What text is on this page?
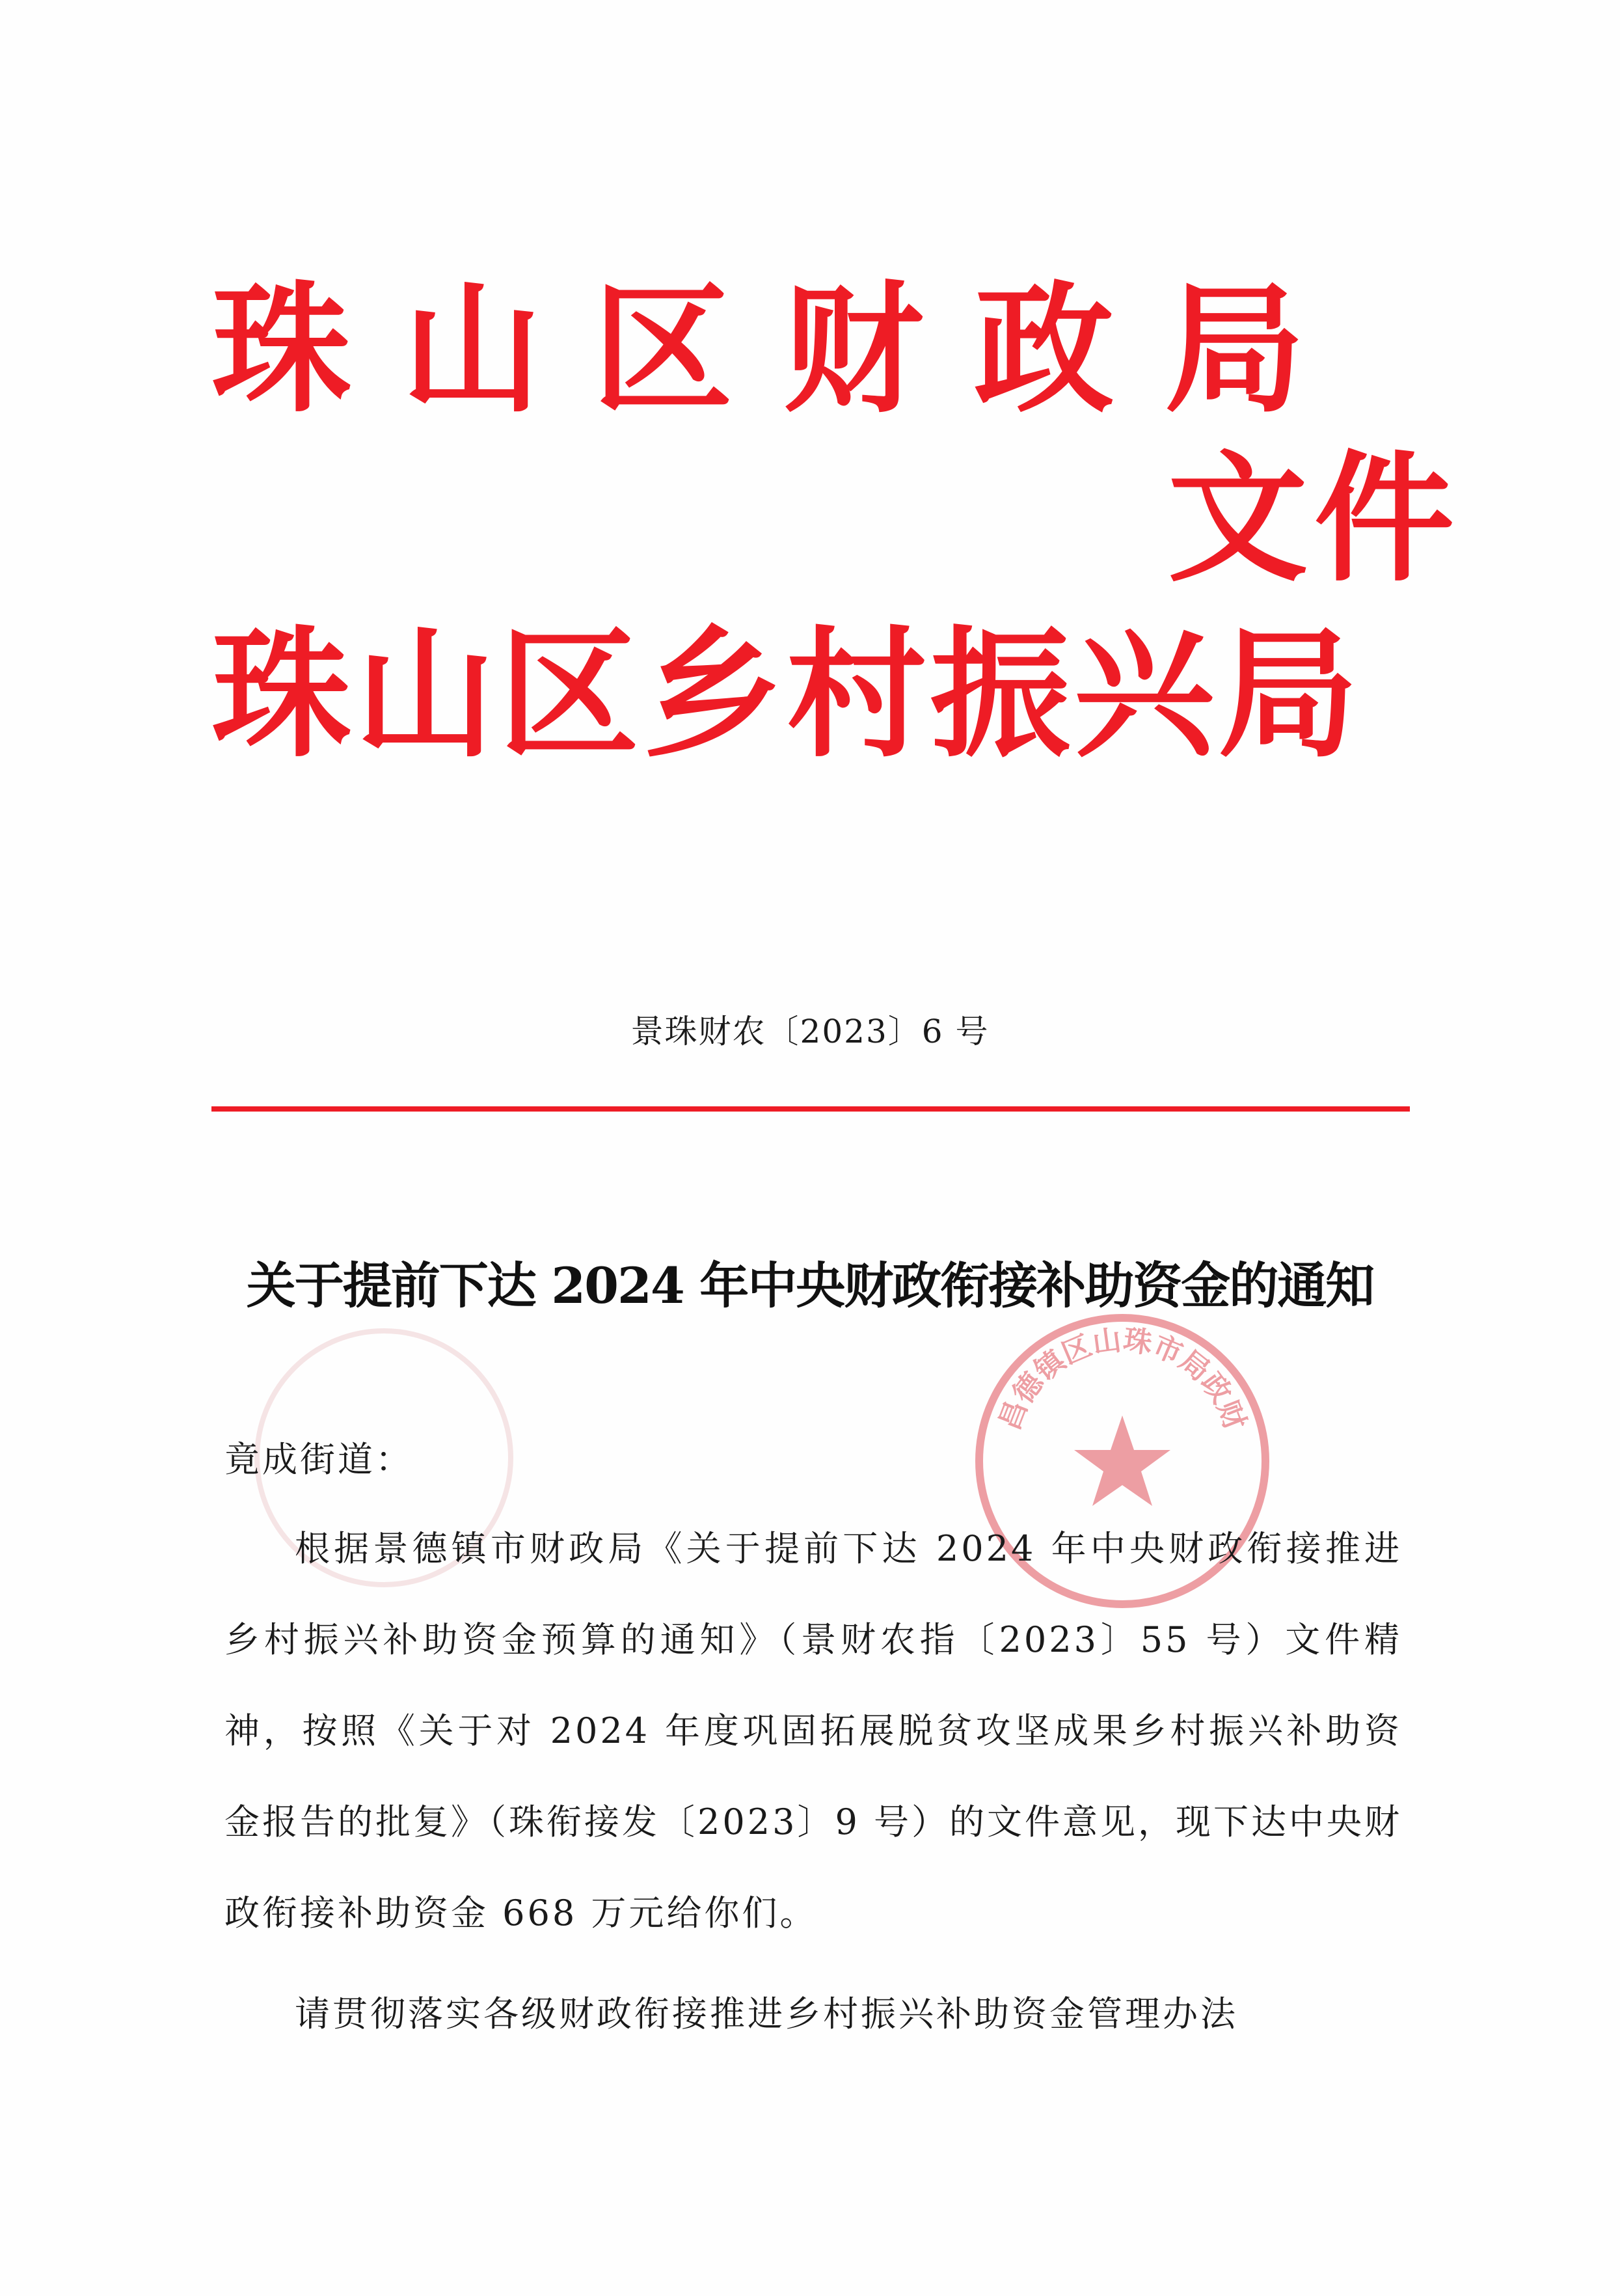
珠山区财政局
珠山区乡村振兴局
文件
景珠财农〔2023〕6 号
昌德镇区山珠市局政财
关于提前下达 2024 年中央财政衔接补助资金的通知
竟成街道：
根据景德镇市财政局《关于提前下达 2024 年中央财政衔接推进乡村振兴补助资金预算的通知》（景财农指〔2023〕55 号）文件精神，按照《关于对 2024 年度巩固拓展脱贫攻坚成果乡村振兴补助资金报告的批复》（珠衔接发〔2023〕9 号）的文件意见，现下达中央财政衔接补助资金 668 万元给你们。
请贯彻落实各级财政衔接推进乡村振兴补助资金管理办法
